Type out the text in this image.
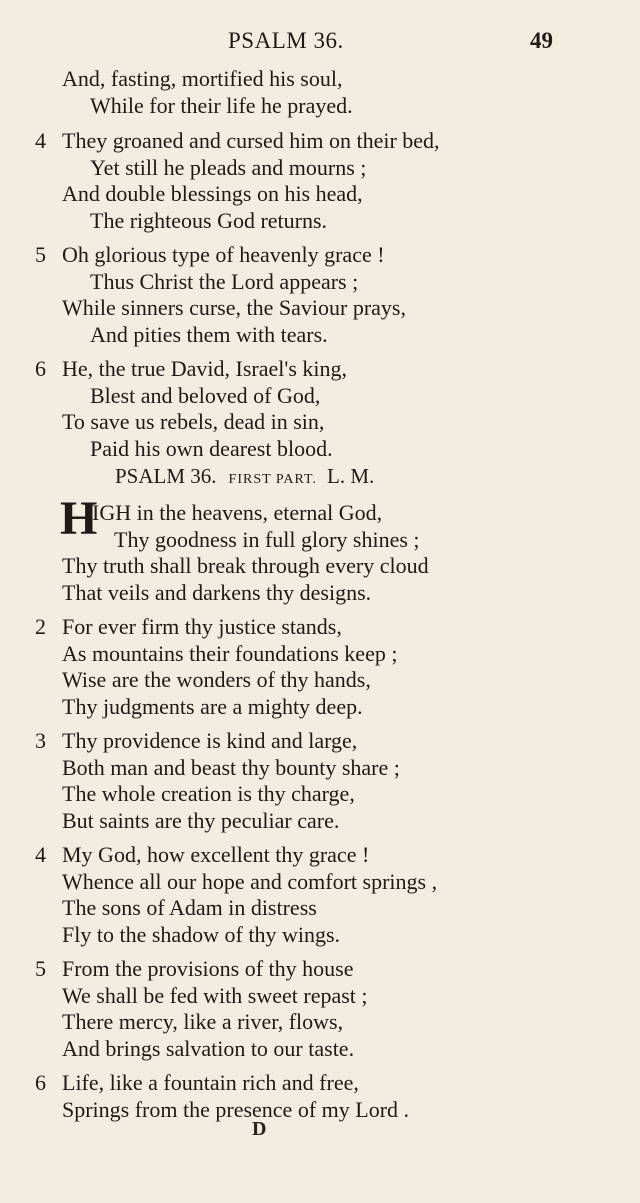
PSALM 36.	49
And, fasting, mortified his soul,
While for their life he prayed.
4 They groaned and cursed him on their bed,
Yet still he pleads and mourns ;
And double blessings on his head,
The righteous God returns.
5 Oh glorious type of heavenly grace !
Thus Christ the Lord appears ;
While sinners curse, the Saviour prays,
And pities them with tears.
6 He, the true David, Israel's king,
Blest and beloved of God,
To save us rebels, dead in sin,
Paid his own dearest blood.
PSALM 36. FIRST PART. L. M.
H
IGH in the heavens, eternal God,
Thy goodness in full glory shines ;
Thy truth shall break through every cloud
That veils and darkens thy designs.
2 For ever firm thy justice stands,
As mountains their foundations keep ;
Wise are the wonders of thy hands,
Thy judgments are a mighty deep.
3 Thy providence is kind and large,
Both man and beast thy bounty share ;
The whole creation is thy charge,
But saints are thy peculiar care.
4 My God, how excellent thy grace !
Whence all our hope and comfort springs ,
The sons of Adam in distress
Fly to the shadow of thy wings.
5 From the provisions of thy house
We shall be fed with sweet repast ;
There mercy, like a river, flows,
And brings salvation to our taste.
6 Life, like a fountain rich and free,
Springs from the presence of my Lord .
D
